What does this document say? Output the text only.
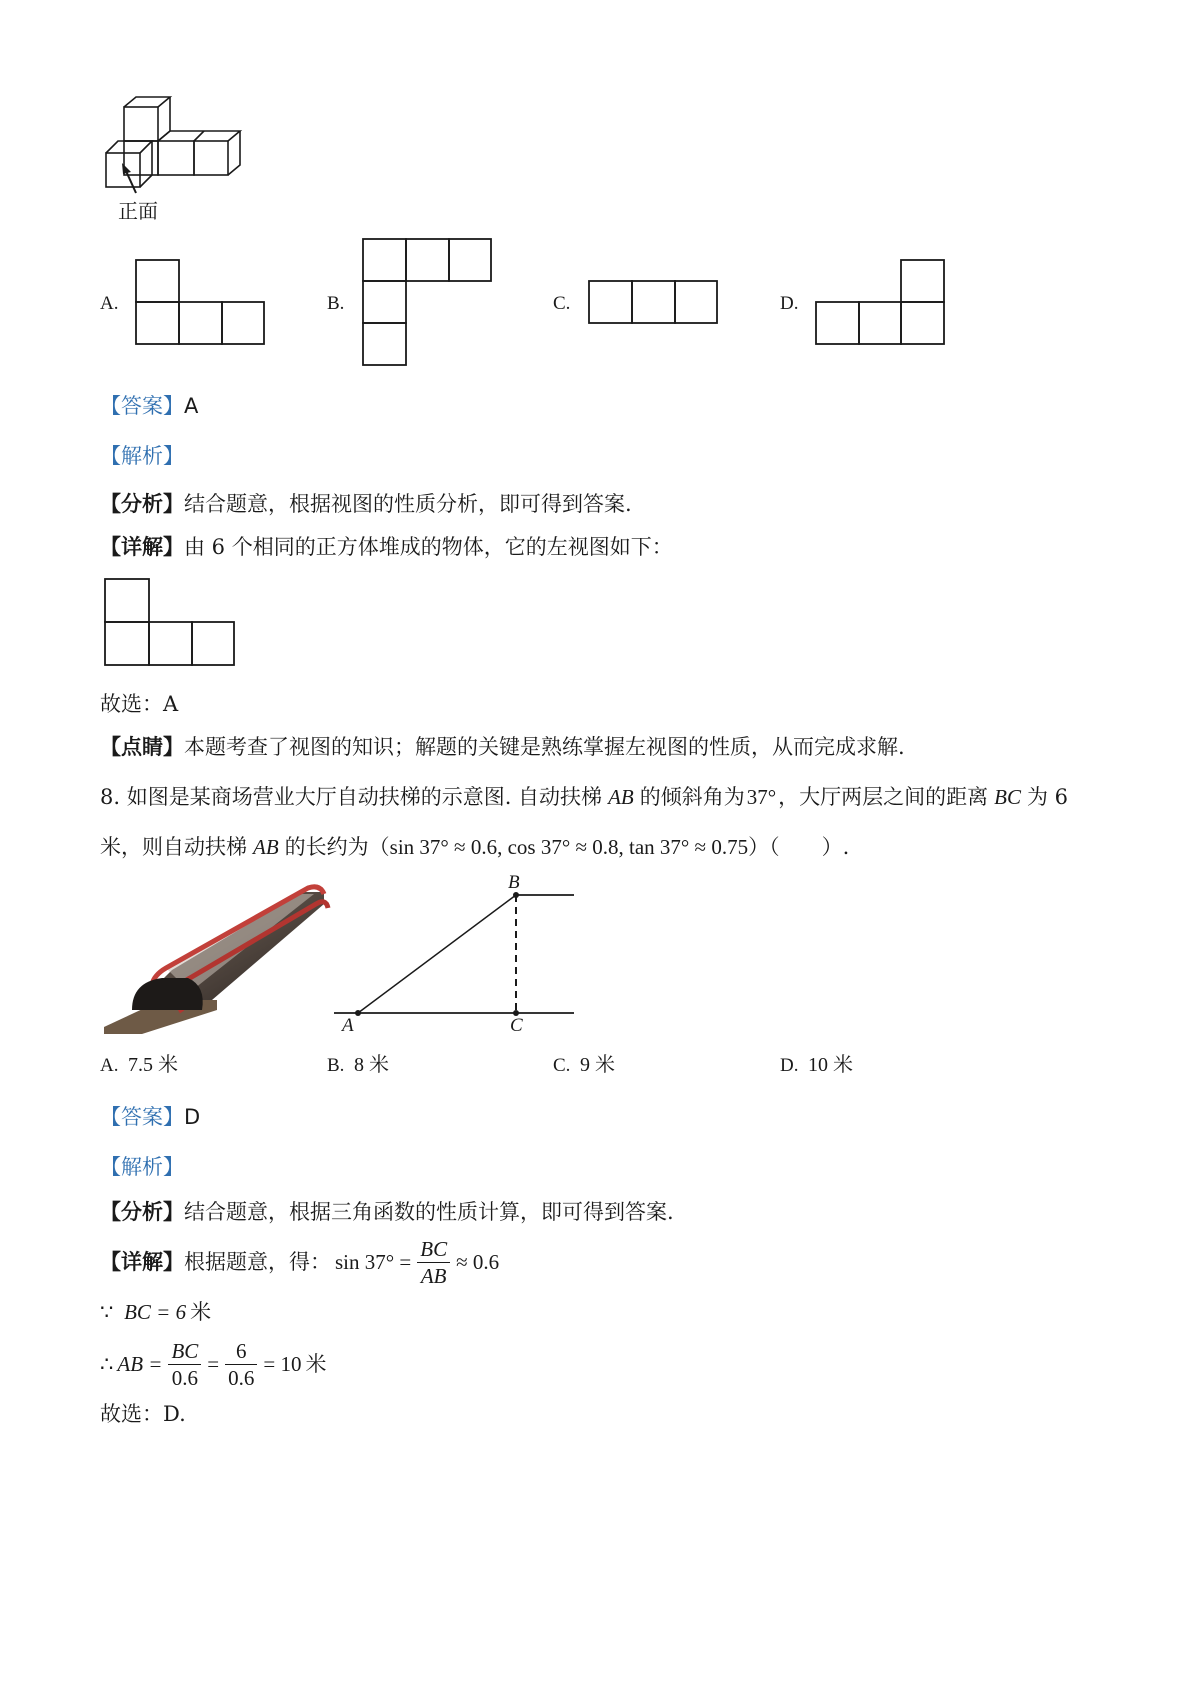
正面
A.	B.	C.	D.
【答案】A
【解析】
【分析】结合题意，根据视图的性质分析，即可得到答案.
【详解】由 6 个相同的正方体堆成的物体，它的左视图如下：
故选：A
【点睛】本题考查了视图的知识；解题的关键是熟练掌握左视图的性质，从而完成求解.
8. 如图是某商场营业大厅自动扶梯的示意图. 自动扶梯 AB 的倾斜角为37°，大厅两层之间的距离 BC 为 6
米，则自动扶梯 AB 的长约为（sin 37° ≈ 0.6, cos 37° ≈ 0.8, tan 37° ≈ 0.75）（　　）.
A
B
C
A. 7.5 米	B. 8 米	C. 9 米	D. 10 米
【答案】D
【解析】
【分析】结合题意，根据三角函数的性质计算，即可得到答案.
【详解】 根据题意，得： $\sin 37^\circ = \frac{BC}{AB} \approx 0.6$
∵ BC = 6 米
∴ AB = $\frac{BC}{0.6} = \frac{6}{0.6} = 10$ 米
故选：D.
